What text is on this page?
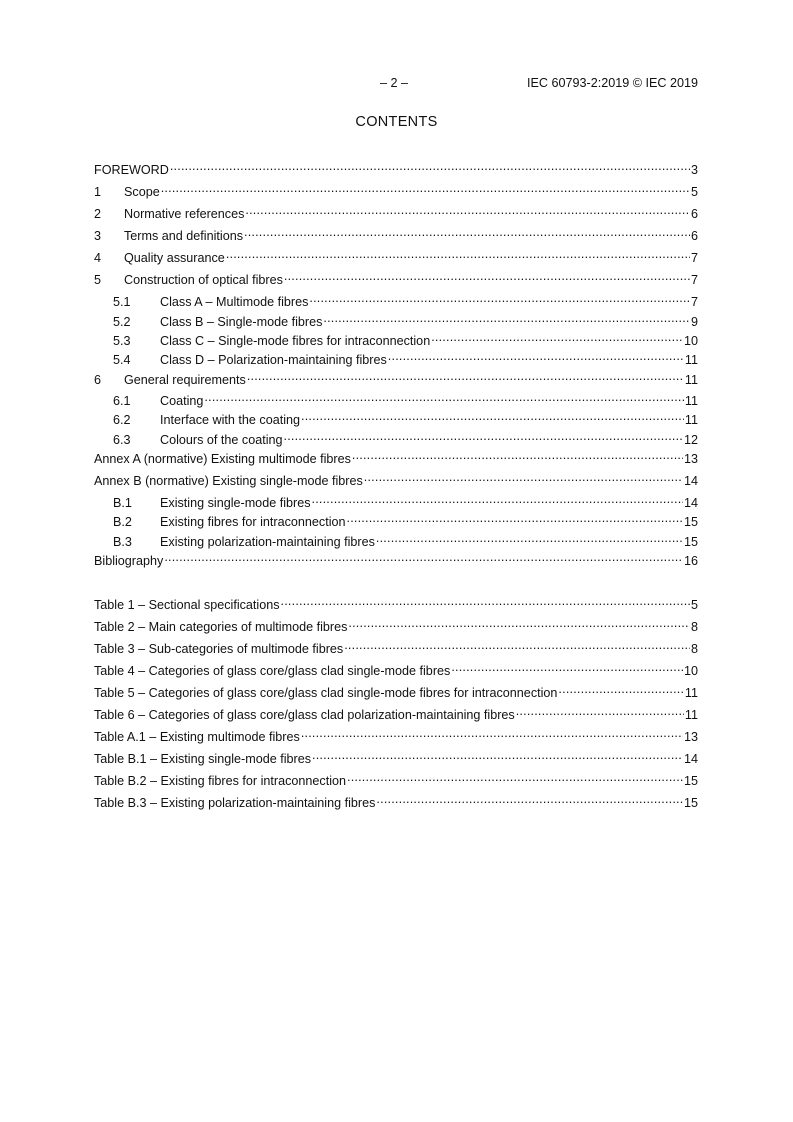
– 2 –	IEC 60793-2:2019 © IEC 2019
CONTENTS
FOREWORD .....	3
1	Scope .....	5
2	Normative references .....	6
3	Terms and definitions .....	6
4	Quality assurance .....	7
5	Construction of optical fibres .....	7
5.1	Class A – Multimode fibres .....	7
5.2	Class B – Single-mode fibres .....	9
5.3	Class C – Single-mode fibres for intraconnection .....	10
5.4	Class D – Polarization-maintaining fibres .....	11
6	General requirements .....	11
6.1	Coating .....	11
6.2	Interface with the coating .....	11
6.3	Colours of the coating .....	12
Annex A (normative) Existing multimode fibres .....	13
Annex B (normative) Existing single-mode fibres .....	14
B.1	Existing single-mode fibres .....	14
B.2	Existing fibres for intraconnection .....	15
B.3	Existing polarization-maintaining fibres .....	15
Bibliography .....	16
Table 1 – Sectional specifications .....	5
Table 2 – Main categories of multimode fibres .....	8
Table 3 – Sub-categories of multimode fibres .....	8
Table 4 – Categories of glass core/glass clad single-mode fibres .....	10
Table 5 – Categories of glass core/glass clad single-mode fibres for intraconnection .....	11
Table 6 – Categories of glass core/glass clad polarization-maintaining fibres .....	11
Table A.1 – Existing multimode fibres .....	13
Table B.1 – Existing single-mode fibres .....	14
Table B.2 – Existing fibres for intraconnection .....	15
Table B.3 – Existing polarization-maintaining fibres .....	15
